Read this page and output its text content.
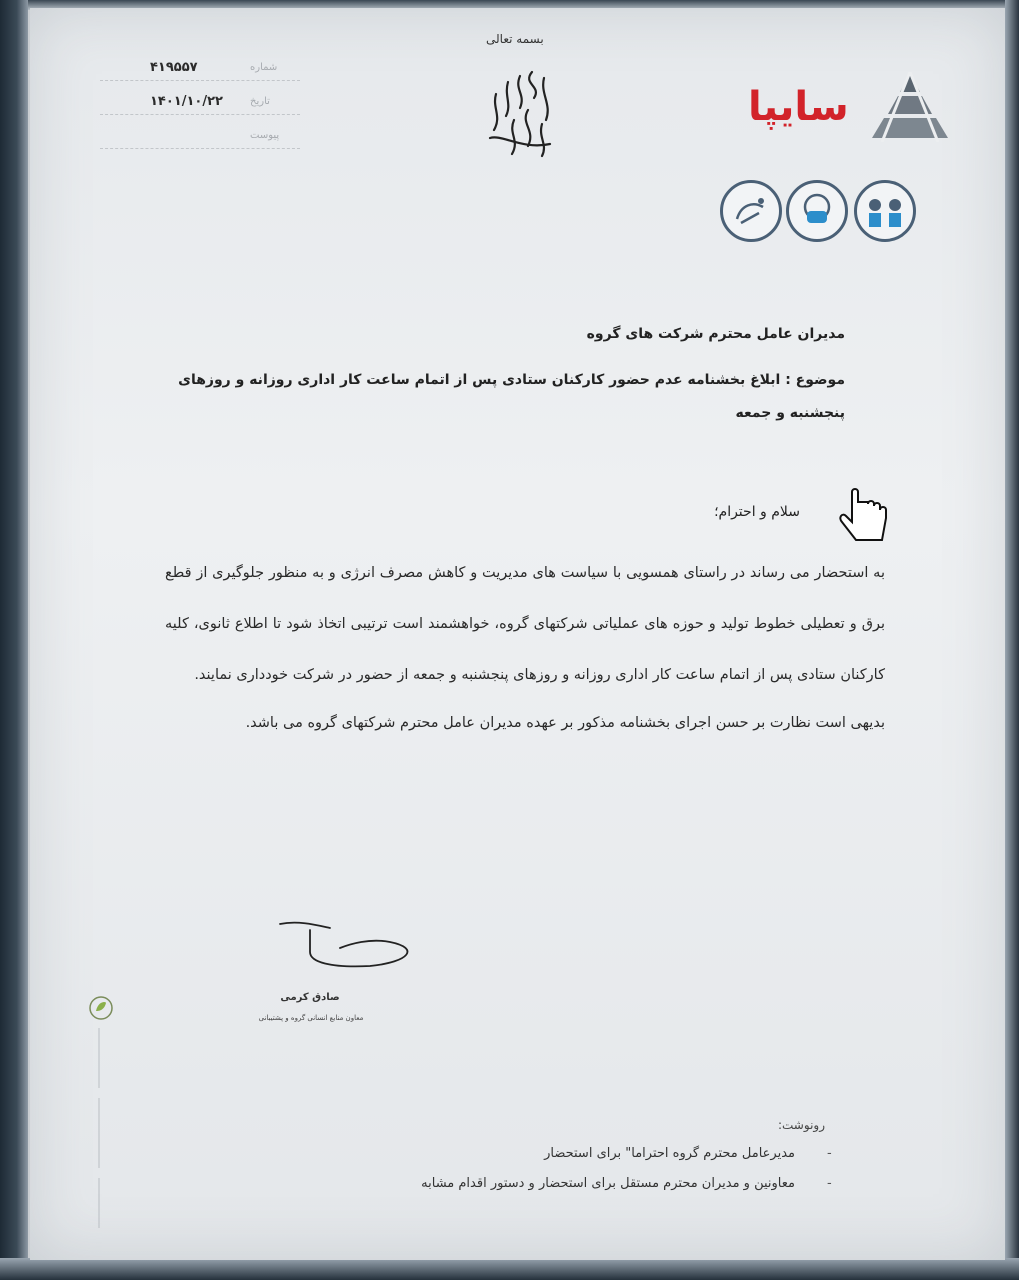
بسمه تعالی
۴۱۹۵۵۷	شماره
۱۴۰۱/۱۰/۲۲	تاریخ
پیوست
سایپا
مدیران عامل محترم شرکت های گروه
موضوع : ابلاغ بخشنامه عدم حضور کارکنان ستادی پس از اتمام ساعت کار اداری روزانه و روزهای
پنجشنبه و جمعه
سلام و احترام؛

به استحضار می رساند در راستای همسویی با سیاست های مدیریت و کاهش مصرف انرژی و به منظور جلوگیری از قطع برق و تعطیلی خطوط تولید و حوزه های عملیاتی شرکتهای گروه، خواهشمند است ترتیبی اتخاذ شود تا اطلاع ثانوی، کلیه کارکنان ستادی پس از اتمام ساعت کار اداری روزانه و روزهای پنجشنبه و جمعه از حضور در شرکت خودداری نمایند.

بدیهی است نظارت بر حسن اجرای بخشنامه مذکور بر عهده مدیران عامل محترم شرکتهای گروه می باشد.

صادق کرمی
معاون منابع انسانی گروه و پشتیبانی
رونوشت:
-
مدیرعامل محترم گروه احتراما" برای استحضار
-
معاونین و مدیران محترم مستقل برای استحضار و دستور اقدام مشابه
